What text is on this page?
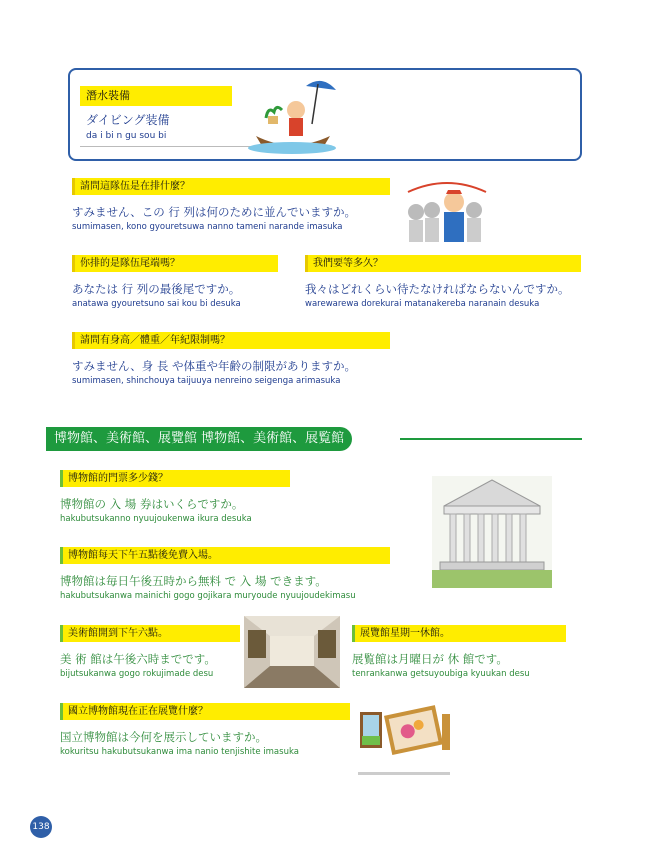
潛水裝備
ダイビング装備
da i bi n gu sou bi
請問這隊伍是在排什麼？
すみません、この 行 列は何のために並んでいますか。
sumimasen, kono gyouretsuwa nanno tameni narande imasuka
你排的是隊伍尾端嗎？
あなたは 行 列の最後尾ですか。
anatawa gyouretsuno sai kou bi desuka
我們要等多久？
我々はどれくらい待たなければならないんですか。
warewarewa dorekurai matanakereba naranain desuka
請問有身高／體重／年紀限制嗎？
すみません、身 長 や体重や年齢の制限がありますか。
sumimasen, shinchouya taijuuya nenreino seigenga arimasuka
博物館、美術館、展覽館 博物館、美術館、展覧館
博物館的門票多少錢？
博物館の 入 場 券はいくらですか。
hakubutsukanno nyuujoukenwa ikura desuka
博物館每天下午五點後免費入場。
博物館は毎日午後五時から無料 で 入 場 できます。
hakubutsukanwa mainichi gogo gojikara muryoude nyuujoudekimasu
美術館開到下午六點。
美 術 館は午後六時までです。
bijutsukanwa gogo rokujimade desu
展覽館星期一休館。
展覧館は月曜日が 休 館です。
tenrankanwa getsuyoubiga kyuukan desu
國立博物館現在正在展覽什麼？
国立博物館は今何を展示していますか。
kokuritsu hakubutsukanwa ima nanio tenjishite imasuka
138
